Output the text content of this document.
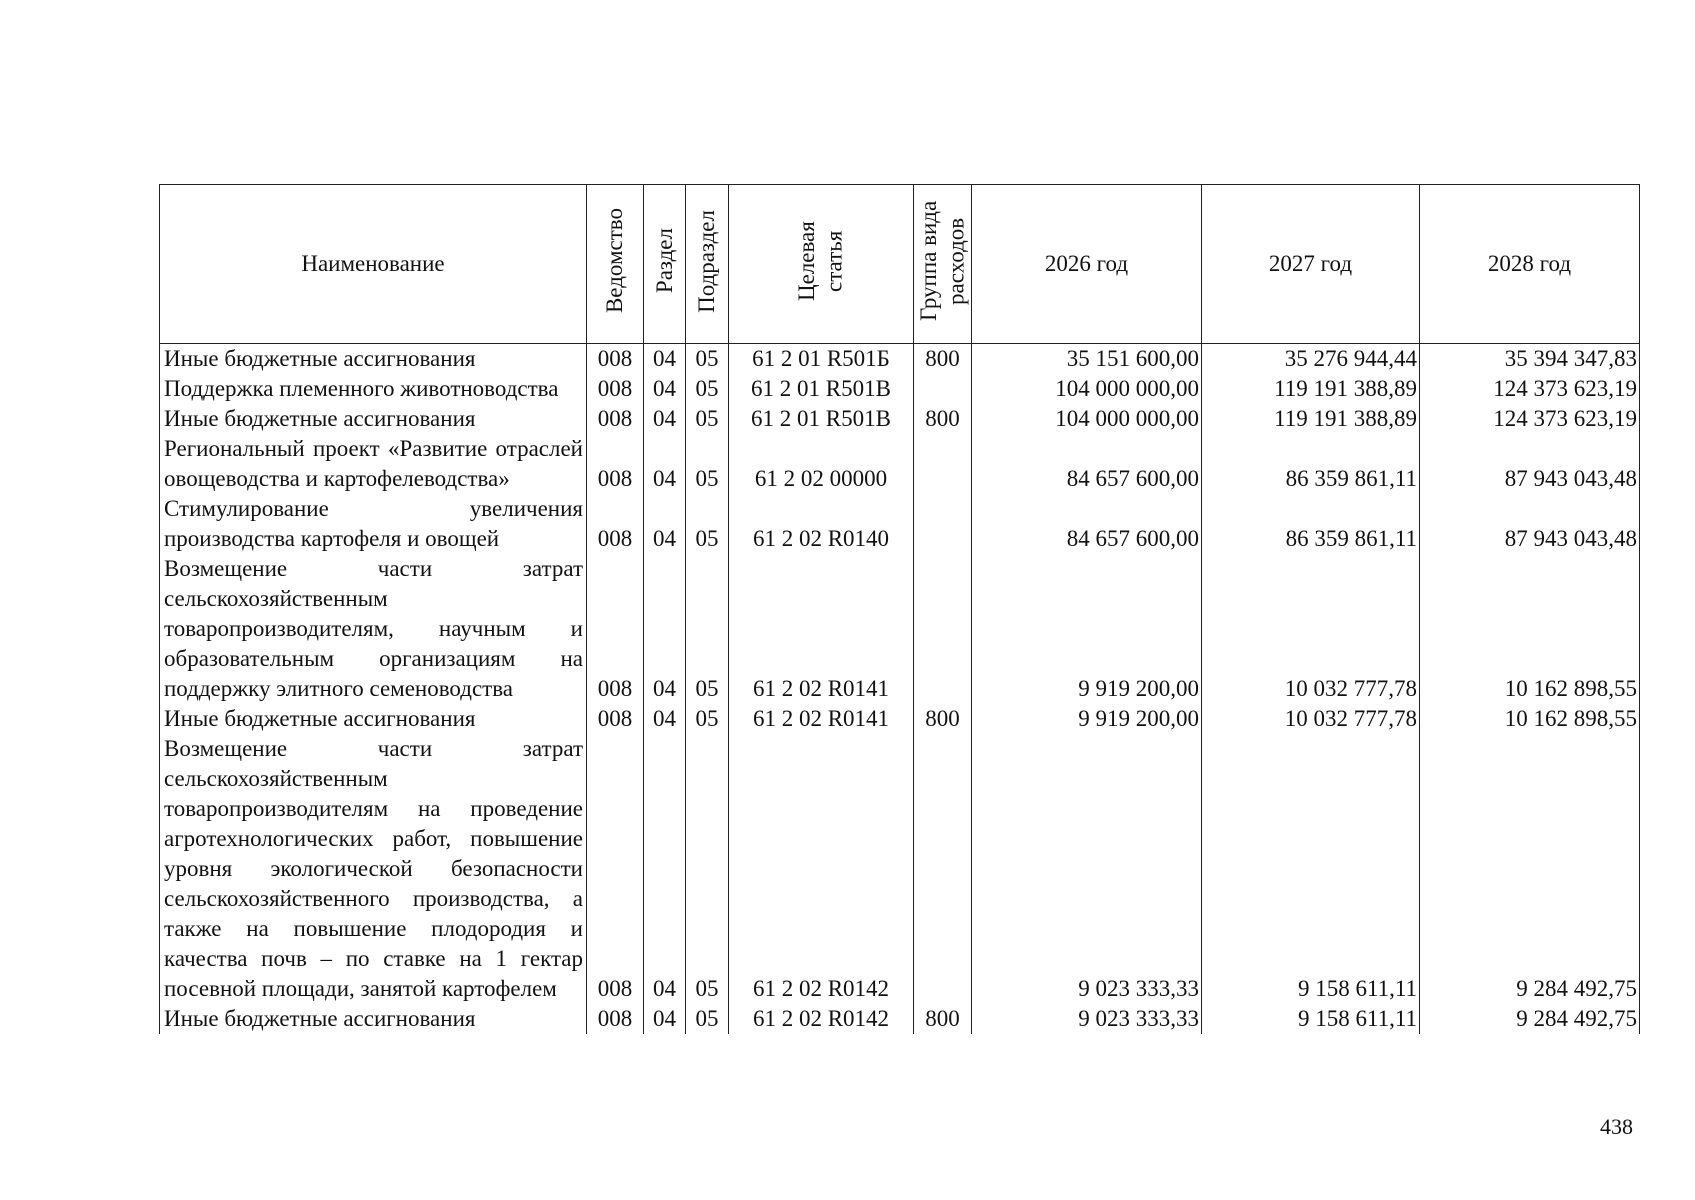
Наименование	Ведомство	Раздел	Подраздел	Целевая статья	Группа вида расходов	2026 год	2027 год	2028 год
Иные бюджетные ассигнования	008	04	05	61 2 01 R501Б	800	35 151 600,00	35 276 944,44	35 394 347,83
Поддержка племенного животноводства	008	04	05	61 2 01 R501В		104 000 000,00	119 191 388,89	124 373 623,19
Иные бюджетные ассигнования	008	04	05	61 2 01 R501В	800	104 000 000,00	119 191 388,89	124 373 623,19
Региональный проект «Развитие отраслей овощеводства и картофелеводства»	008	04	05	61 2 02 00000		84 657 600,00	86 359 861,11	87 943 043,48
Стимулирование увеличения производства картофеля и овощей	008	04	05	61 2 02 R0140		84 657 600,00	86 359 861,11	87 943 043,48
Возмещение части затрат сельскохозяйственным товаропроизводителям, научным и образовательным организациям на поддержку элитного семеноводства	008	04	05	61 2 02 R0141		9 919 200,00	10 032 777,78	10 162 898,55
Иные бюджетные ассигнования	008	04	05	61 2 02 R0141	800	9 919 200,00	10 032 777,78	10 162 898,55
Возмещение части затрат сельскохозяйственным товаропроизводителям на проведение агротехнологических работ, повышение уровня экологической безопасности сельскохозяйственного производства, а также на повышение плодородия и качества почв – по ставке на 1 гектар посевной площади, занятой картофелем	008	04	05	61 2 02 R0142		9 023 333,33	9 158 611,11	9 284 492,75
Иные бюджетные ассигнования	008	04	05	61 2 02 R0142	800	9 023 333,33	9 158 611,11	9 284 492,75
438
